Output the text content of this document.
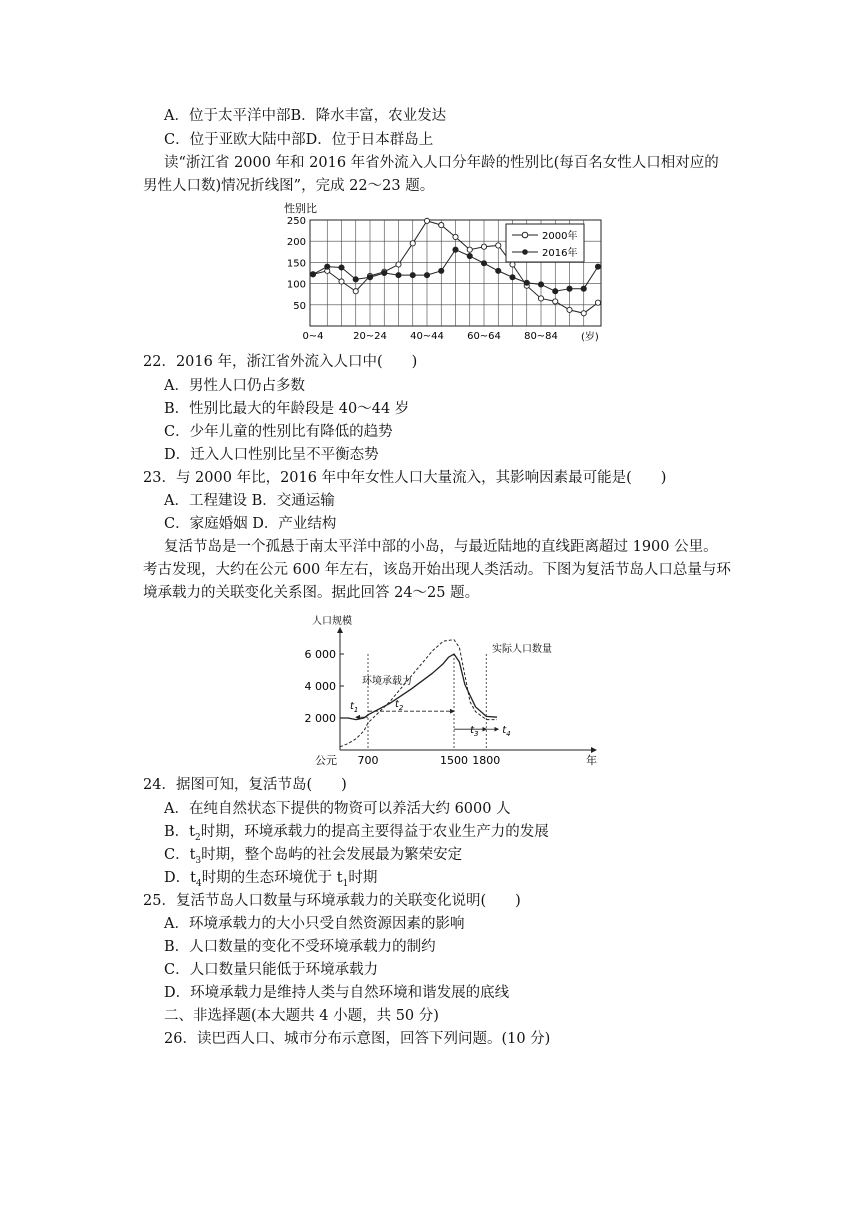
A．位于太平洋中部B．降水丰富，农业发达
C．位于亚欧大陆中部D．位于日本群岛上
读“浙江省 2000 年和 2016 年省外流入人口分年龄的性别比(每百名女性人口相对应的
男性人口数)情况折线图”，完成 22～23 题。
性别比
50
100
150
200
250
0~4	20~24 40~44 60~64 80~84 (岁)
2000年
2016年
22．2016 年，浙江省外流入人口中(　　)
A．男性人口仍占多数
B．性别比最大的年龄段是 40～44 岁
C．少年儿童的性别比有降低的趋势
D．迁入人口性别比呈不平衡态势
23．与 2000 年比，2016 年中年女性人口大量流入，其影响因素最可能是(　　)
A．工程建设 B．交通运输
C．家庭婚姻 D．产业结构
复活节岛是一个孤悬于南太平洋中部的小岛，与最近陆地的直线距离超过 1900 公里。
考古发现，大约在公元 600 年左右，该岛开始出现人类活动。下图为复活节岛人口总量与环
境承载力的关联变化关系图。据此回答 24～25 题。
人口规模
2 000
4 000
6 000
公元 700	1500 1800	年
环境承载力
实际人口数量
$t_1$	$t_2$
$t_3$ $t_4$
24．据图可知，复活节岛(　　)
A．在纯自然状态下提供的物资可以养活大约 6000 人
B．$t_2$时期，环境承载力的提高主要得益于农业生产力的发展
C．$t_3$时期，整个岛屿的社会发展最为繁荣安定
D．$t_4$时期的生态环境优于 $t_1$时期
25．复活节岛人口数量与环境承载力的关联变化说明(　　)
A．环境承载力的大小只受自然资源因素的影响
B．人口数量的变化不受环境承载力的制约
C．人口数量只能低于环境承载力
D．环境承载力是维持人类与自然环境和谐发展的底线
二、非选择题(本大题共 4 小题，共 50 分)
26．读巴西人口、城市分布示意图，回答下列问题。(10 分)
